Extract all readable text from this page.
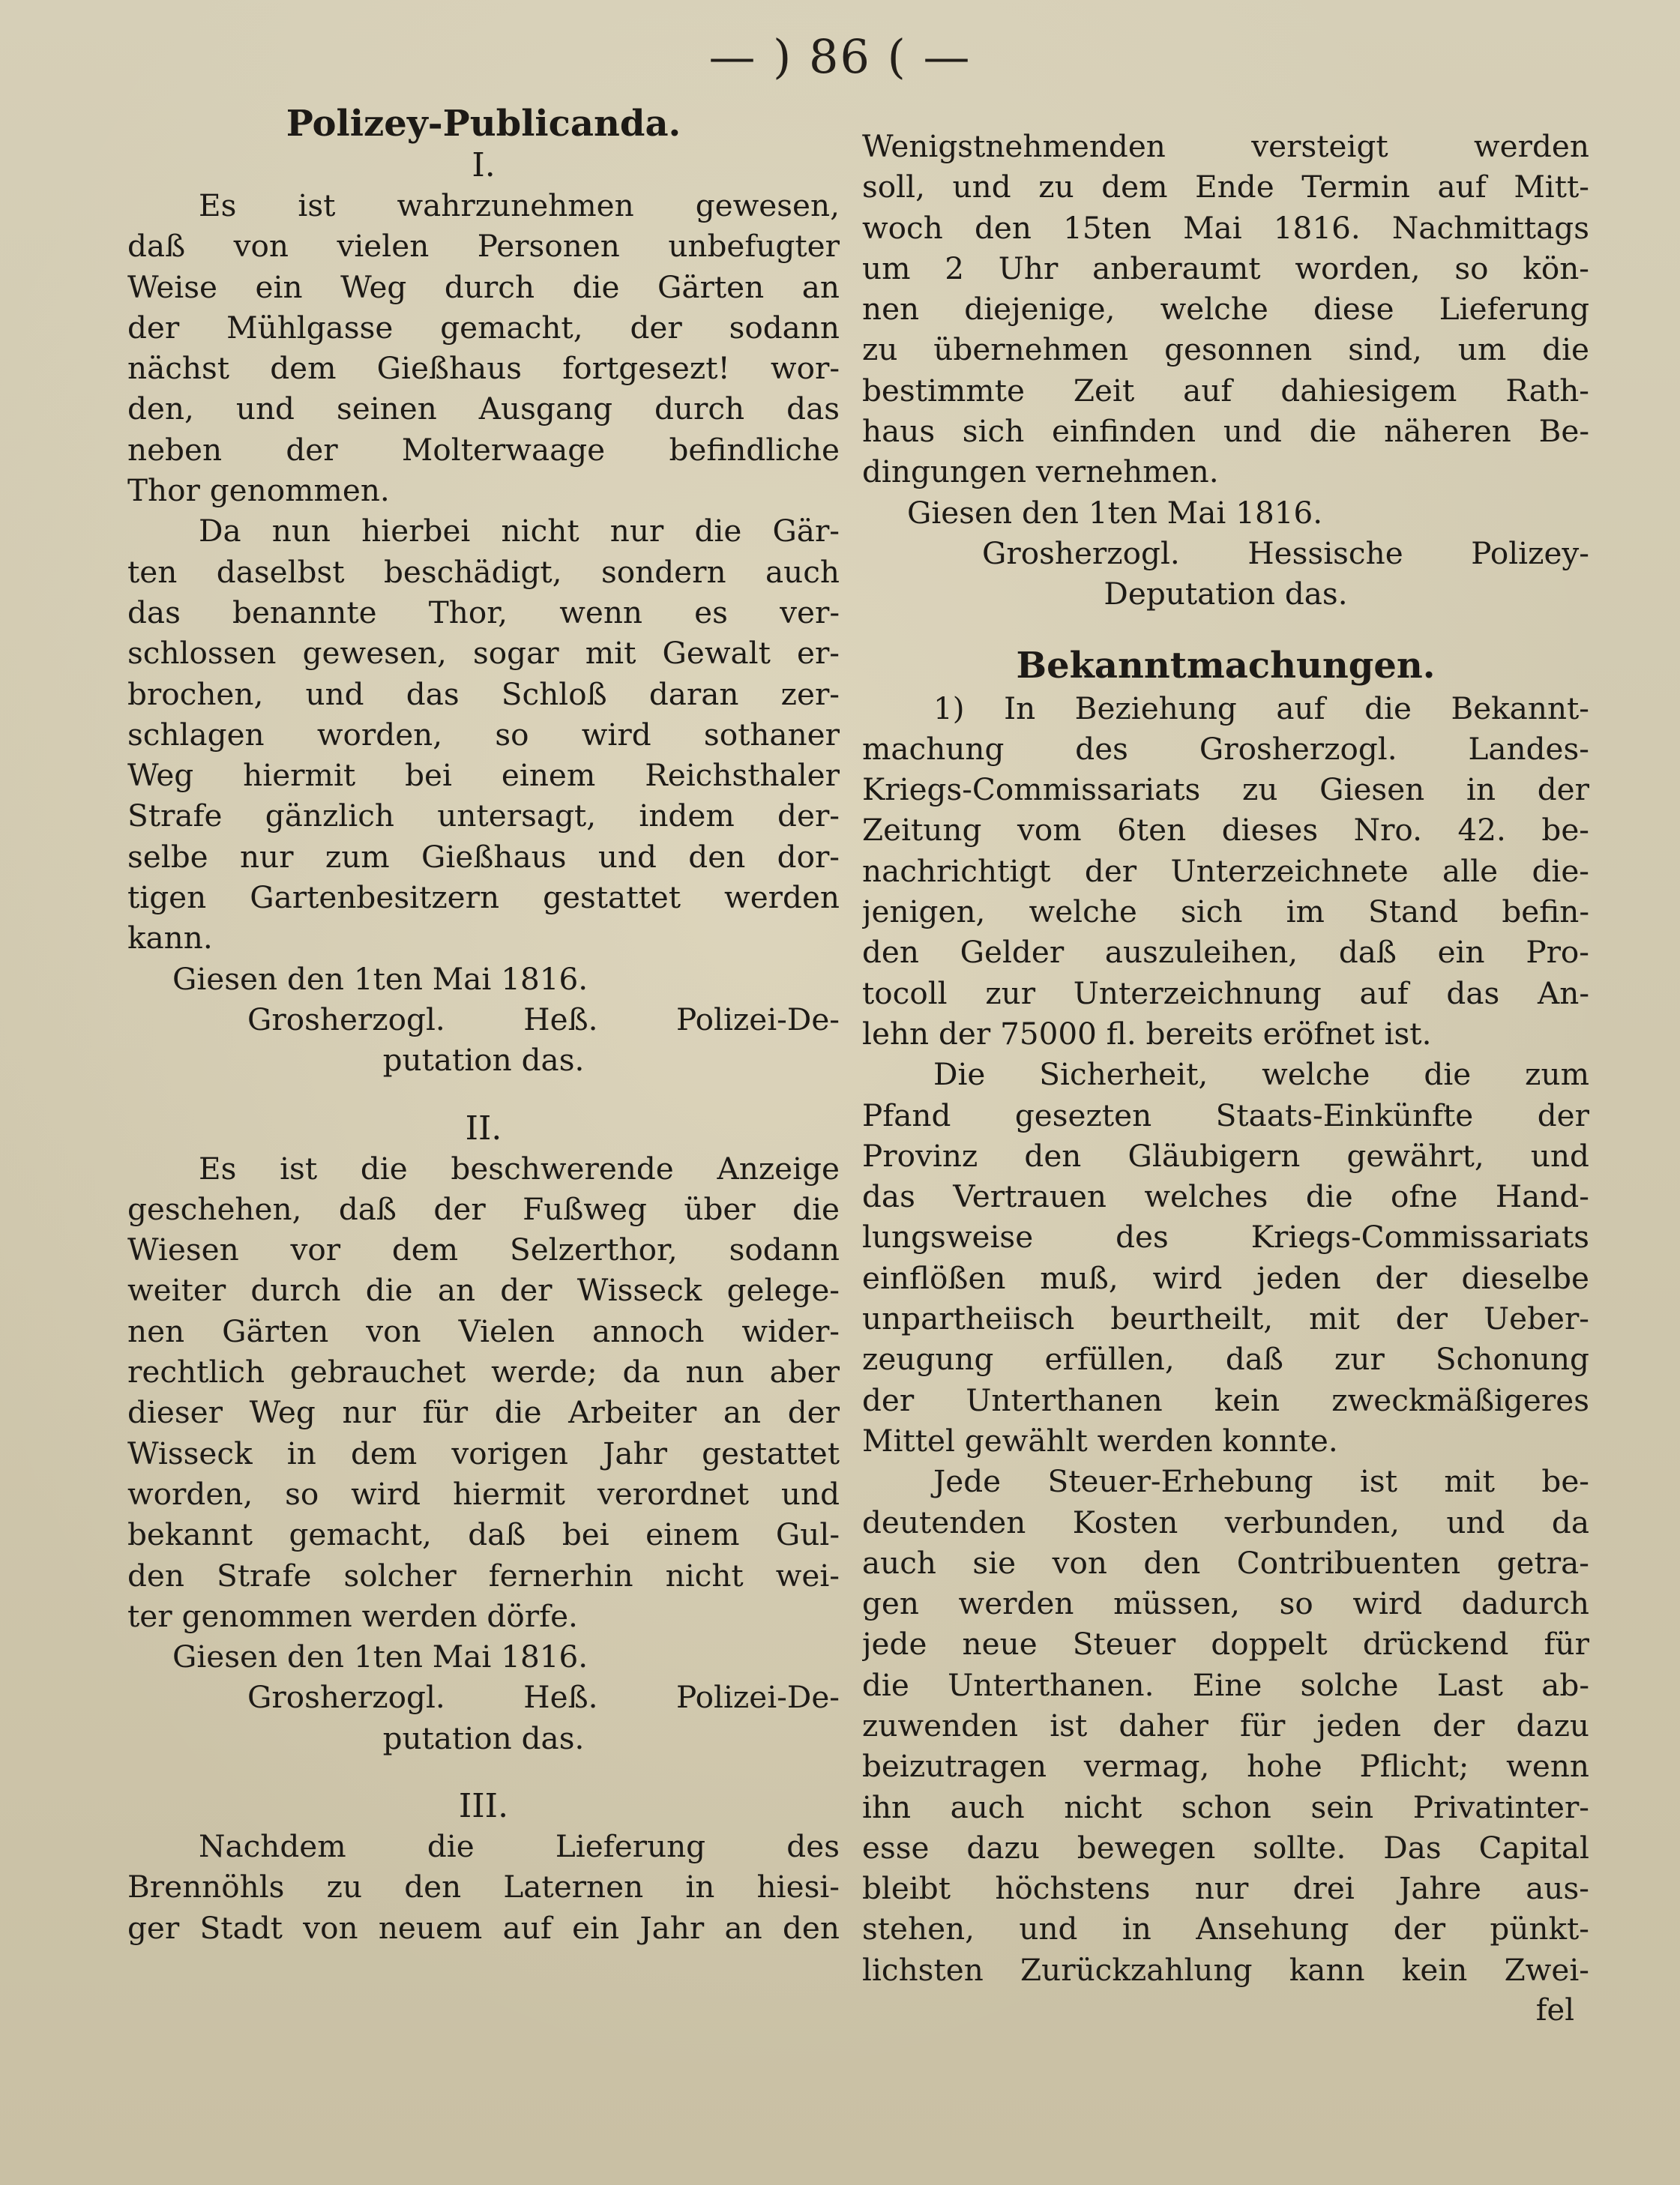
— ) 86 ( —
Polizey-Publicanda.
I.
Es ist wahrzunehmen gewesen,
daß von vielen Personen unbefugter
Weise ein Weg durch die Gärten an
der Mühlgasse gemacht, der sodann
nächst dem Gießhaus fortgesezt! wor-
den, und seinen Ausgang durch das
neben der Molterwaage befindliche
Thor genommen.
Da nun hierbei nicht nur die Gär-
ten daselbst beschädigt, sondern auch
das benannte Thor, wenn es ver-
schlossen gewesen, sogar mit Gewalt er-
brochen, und das Schloß daran zer-
schlagen worden, so wird sothaner
Weg hiermit bei einem Reichsthaler
Strafe gänzlich untersagt, indem der-
selbe nur zum Gießhaus und den dor-
tigen Gartenbesitzern gestattet werden
kann.
Giesen den 1ten Mai 1816.
Grosherzogl. Heß. Polizei-De-
putation das.
II.
Es ist die beschwerende Anzeige
geschehen, daß der Fußweg über die
Wiesen vor dem Selzerthor, sodann
weiter durch die an der Wisseck gelege-
nen Gärten von Vielen annoch wider-
rechtlich gebrauchet werde; da nun aber
dieser Weg nur für die Arbeiter an der
Wisseck in dem vorigen Jahr gestattet
worden, so wird hiermit verordnet und
bekannt gemacht, daß bei einem Gul-
den Strafe solcher fernerhin nicht wei-
ter genommen werden dörfe.
Giesen den 1ten Mai 1816.
Grosherzogl. Heß. Polizei-De-
putation das.
III.
Nachdem die Lieferung des
Brennöhls zu den Laternen in hiesi-
ger Stadt von neuem auf ein Jahr an den
Wenigstnehmenden versteigt werden
soll, und zu dem Ende Termin auf Mitt-
woch den 15ten Mai 1816. Nachmittags
um 2 Uhr anberaumt worden, so kön-
nen diejenige, welche diese Lieferung
zu übernehmen gesonnen sind, um die
bestimmte Zeit auf dahiesigem Rath-
haus sich einfinden und die näheren Be-
dingungen vernehmen.
Giesen den 1ten Mai 1816.
Grosherzogl. Hessische Polizey-
Deputation das.
Bekanntmachungen.
1) In Beziehung auf die Bekannt-
machung des Grosherzogl. Landes-
Kriegs-Commissariats zu Giesen in der
Zeitung vom 6ten dieses Nro. 42. be-
nachrichtigt der Unterzeichnete alle die-
jenigen, welche sich im Stand befin-
den Gelder auszuleihen, daß ein Pro-
tocoll zur Unterzeichnung auf das An-
lehn der 75000 fl. bereits eröfnet ist.
Die Sicherheit, welche die zum
Pfand gesezten Staats-Einkünfte der
Provinz den Gläubigern gewährt, und
das Vertrauen welches die ofne Hand-
lungsweise des Kriegs-Commissariats
einflößen muß, wird jeden der dieselbe
unpartheiisch beurtheilt, mit der Ueber-
zeugung erfüllen, daß zur Schonung
der Unterthanen kein zweckmäßigeres
Mittel gewählt werden konnte.
Jede Steuer-Erhebung ist mit be-
deutenden Kosten verbunden, und da
auch sie von den Contribuenten getra-
gen werden müssen, so wird dadurch
jede neue Steuer doppelt drückend für
die Unterthanen. Eine solche Last ab-
zuwenden ist daher für jeden der dazu
beizutragen vermag, hohe Pflicht; wenn
ihn auch nicht schon sein Privatinter-
esse dazu bewegen sollte. Das Capital
bleibt höchstens nur drei Jahre aus-
stehen, und in Ansehung der pünkt-
lichsten Zurückzahlung kann kein Zwei-
fel
